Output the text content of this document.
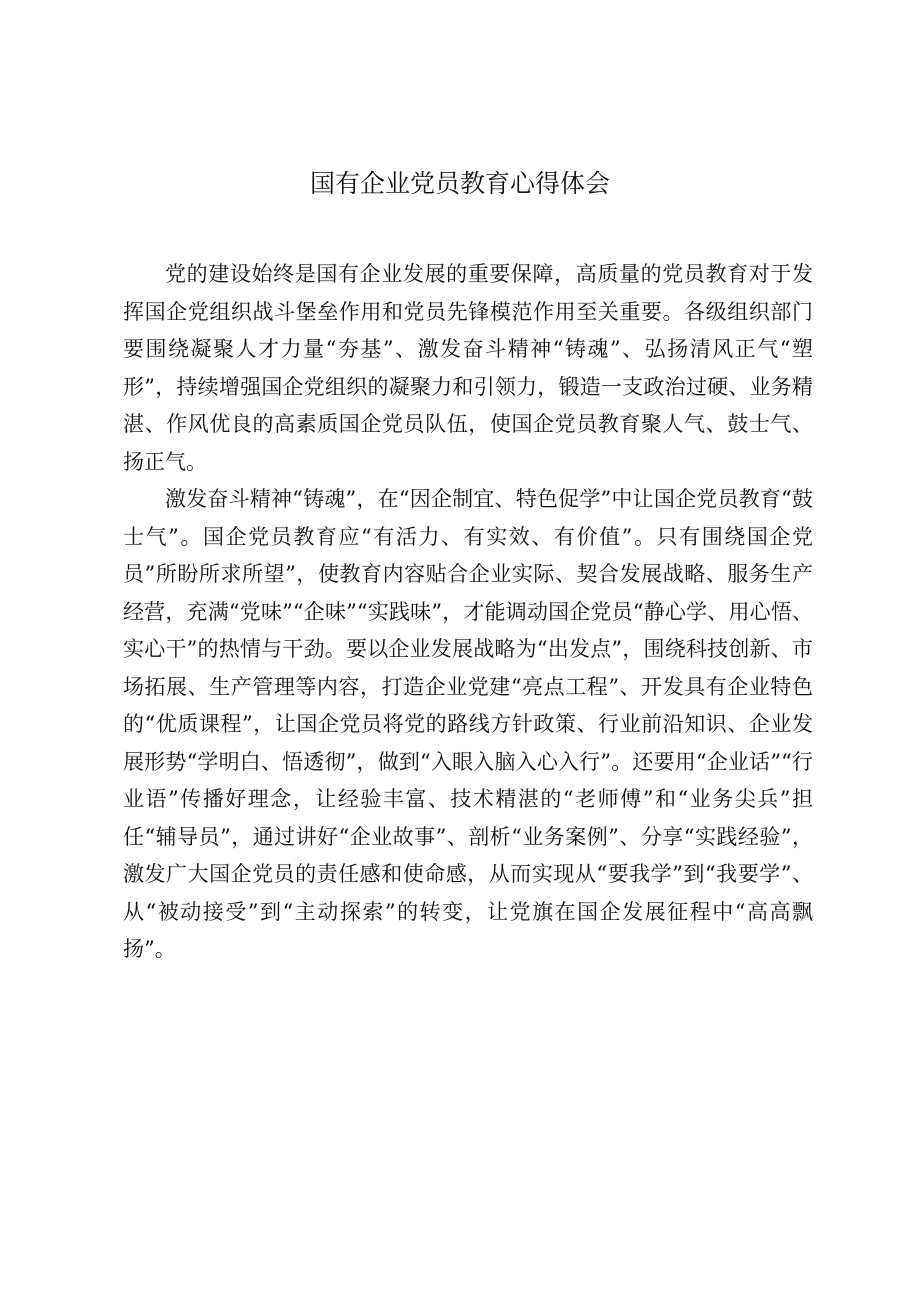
国有企业党员教育心得体会

党的建设始终是国有企业发展的重要保障，高质量的党员教育对于发挥国企党组织战斗堡垒作用和党员先锋模范作用至关重要。各级组织部门要围绕凝聚人才力量“夯基”、激发奋斗精神“铸魂”、弘扬清风正气“塑形”，持续增强国企党组织的凝聚力和引领力，锻造一支政治过硬、业务精湛、作风优良的高素质国企党员队伍，使国企党员教育聚人气、鼓士气、扬正气。

激发奋斗精神“铸魂”，在“因企制宜、特色促学”中让国企党员教育“鼓士气”。国企党员教育应“有活力、有实效、有价值”。只有围绕国企党员”所盼所求所望”，使教育内容贴合企业实际、契合发展战略、服务生产经营，充满“党味”“企味”“实践味”，才能调动国企党员“静心学、用心悟、实心干”的热情与干劲。要以企业发展战略为“出发点”，围绕科技创新、市场拓展、生产管理等内容，打造企业党建“亮点工程”、开发具有企业特色的“优质课程”，让国企党员将党的路线方针政策、行业前沿知识、企业发展形势“学明白、悟透彻”，做到“入眼入脑入心入行”。还要用“企业话”“行业语”传播好理念，让经验丰富、技术精湛的“老师傅”和“业务尖兵”担任“辅导员”，通过讲好“企业故事”、剖析“业务案例”、分享“实践经验”，激发广大国企党员的责任感和使命感，从而实现从“要我学”到“我要学”、从“被动接受”到“主动探索”的转变，让党旗在国企发展征程中“高高飘扬”。
